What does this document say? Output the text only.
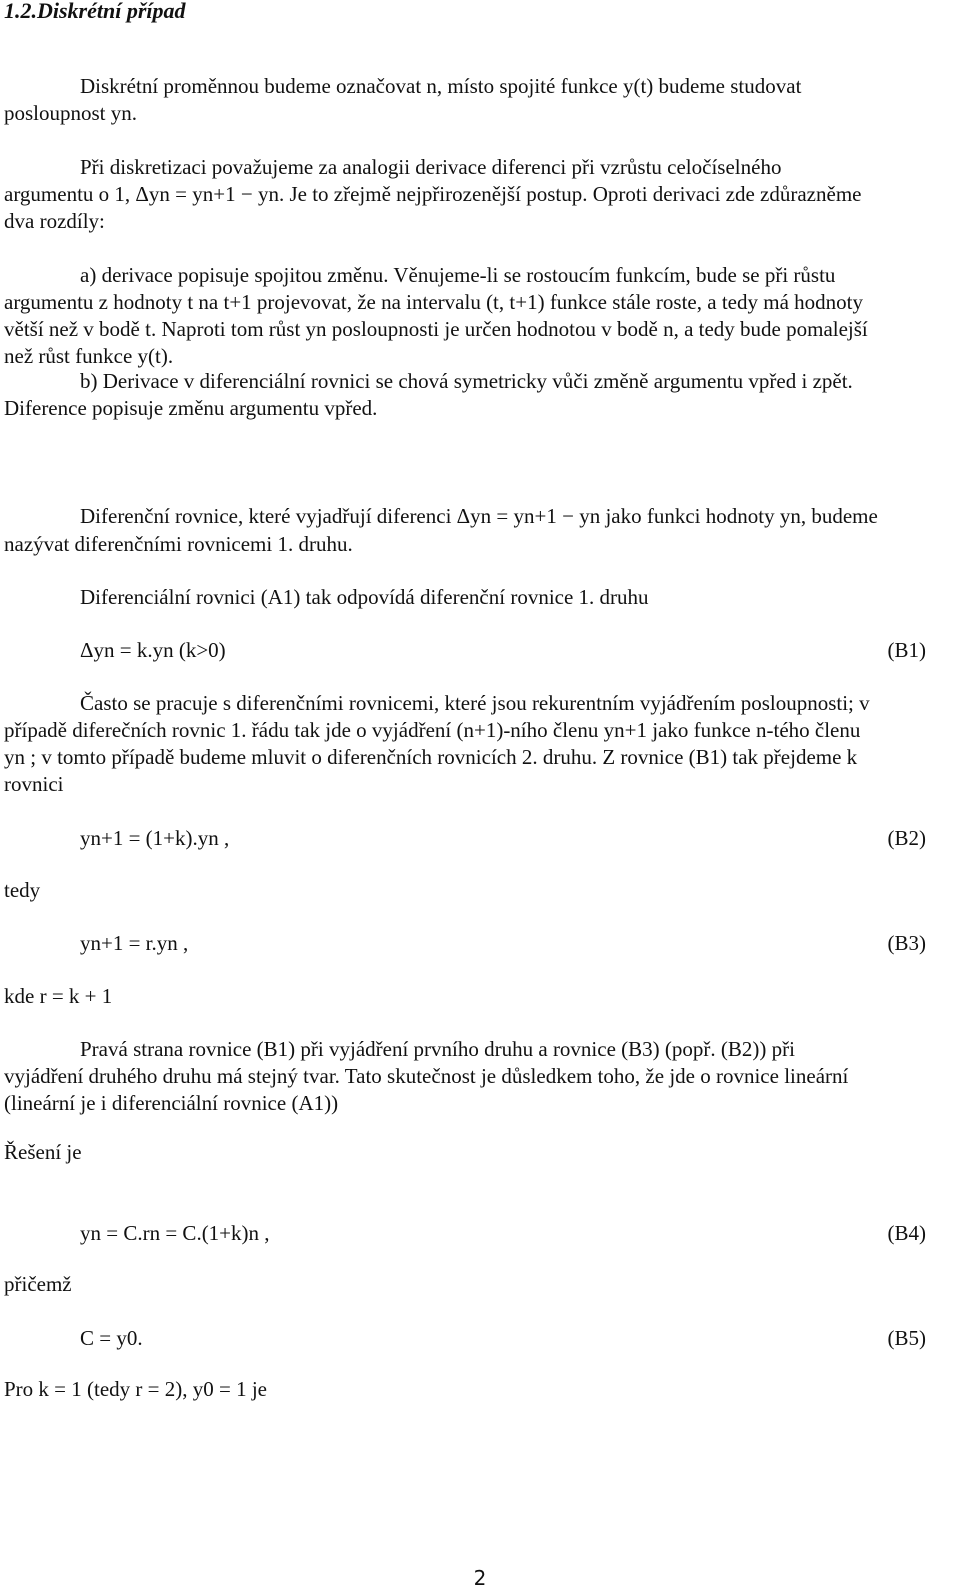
1.2.Diskrétní případ
Diskrétní proměnnou budeme označovat n, místo spojité funkce y(t) budeme studovat
posloupnost yn.
Při diskretizaci považujeme za analogii derivace diferenci při vzrůstu celočíselného
argumentu o 1, Δyn = yn+1 − yn. Je to zřejmě nejpřirozenější postup. Oproti derivaci zde zdůrazněme
dva rozdíly:
a) derivace popisuje spojitou změnu. Věnujeme-li se rostoucím funkcím, bude se při růstu
argumentu z hodnoty t na t+1 projevovat, že na intervalu (t, t+1) funkce stále roste, a tedy má hodnoty
větší než v bodě t. Naproti tom růst yn posloupnosti je určen hodnotou v bodě n, a tedy bude pomalejší
než růst funkce y(t).
b) Derivace v diferenciální rovnici se chová symetricky vůči změně argumentu vpřed i zpět.
Diference popisuje změnu argumentu vpřed.
Diferenční rovnice, které vyjadřují diferenci Δyn = yn+1 − yn jako funkci hodnoty yn, budeme
nazývat diferenčními rovnicemi 1. druhu.
Diferenciální rovnici (A1) tak odpovídá diferenční rovnice 1. druhu
Δyn = k.yn (k>0)	(B1)
Často se pracuje s diferenčními rovnicemi, které jsou rekurentním vyjádřením posloupnosti; v
případě diferečních rovnic 1. řádu tak jde o vyjádření (n+1)-ního členu yn+1 jako funkce n-tého členu
yn ; v tomto případě budeme mluvit o diferenčních rovnicích 2. druhu. Z rovnice (B1) tak přejdeme k
rovnici
yn+1 = (1+k).yn ,	(B2)
tedy
yn+1 = r.yn ,	(B3)
kde r = k + 1
Pravá strana rovnice (B1) při vyjádření prvního druhu a rovnice (B3) (popř. (B2)) při
vyjádření druhého druhu má stejný tvar. Tato skutečnost je důsledkem toho, že jde o rovnice lineární
(lineární je i diferenciální rovnice (A1))
Řešení je
yn = C.rn = C.(1+k)n ,	(B4)
přičemž
C = y0.	(B5)
Pro k = 1 (tedy r = 2), y0 = 1 je
2
